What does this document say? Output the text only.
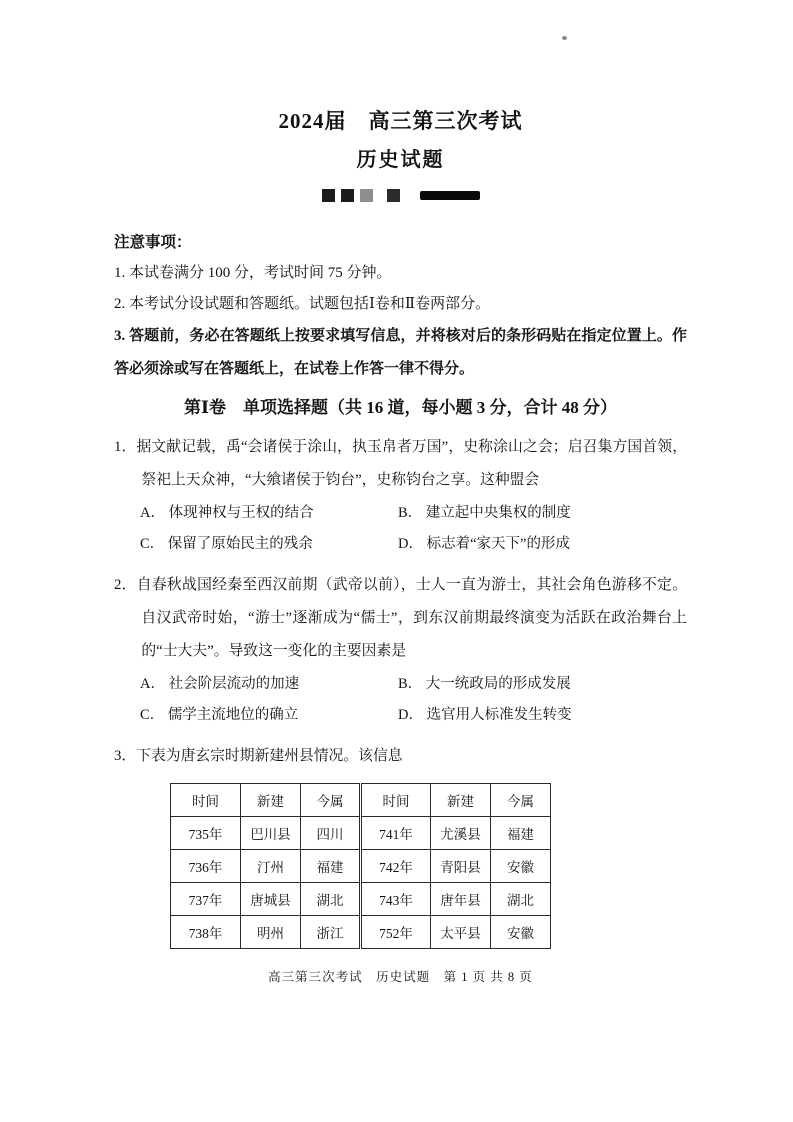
2024届　高三第三次考试
历史试题
注意事项：
1. 本试卷满分 100 分，考试时间 75 分钟。
2. 本考试分设试题和答题纸。试题包括Ⅰ卷和Ⅱ卷两部分。
3. 答题前，务必在答题纸上按要求填写信息，并将核对后的条形码贴在指定位置上。作答必须涂或写在答题纸上，在试卷上作答一律不得分。
第Ⅰ卷　单项选择题（共 16 道，每小题 3 分，合计 48 分）

1．据文献记载，禹“会诸侯于涂山，执玉帛者万国”，史称涂山之会；启召集方国首领，祭祀上天众神，“大飨诸侯于钧台”，史称钧台之享。这种盟会

A． 体现神权与王权的结合	B． 建立起中央集权的制度
C． 保留了原始民主的残余	D． 标志着“家天下”的形成

2．自春秋战国经秦至西汉前期（武帝以前），士人一直为游士，其社会角色游移不定。自汉武帝时始，“游士”逐渐成为“儒士”，到东汉前期最终演变为活跃在政治舞台上的“士大夫”。导致这一变化的主要因素是

A． 社会阶层流动的加速	B． 大一统政局的形成发展
C． 儒学主流地位的确立	D． 选官用人标准发生转变

3．下表为唐玄宗时期新建州县情况。该信息

时间	新建	今属	时间	新建	今属
735年	巴川县	四川	741年	尤溪县	福建
736年	汀州	福建	742年	青阳县	安徽
737年	唐城县	湖北	743年	唐年县	湖北
738年	明州	浙江	752年	太平县	安徽
高三第三次考试　历史试题　第 1 页 共 8 页
